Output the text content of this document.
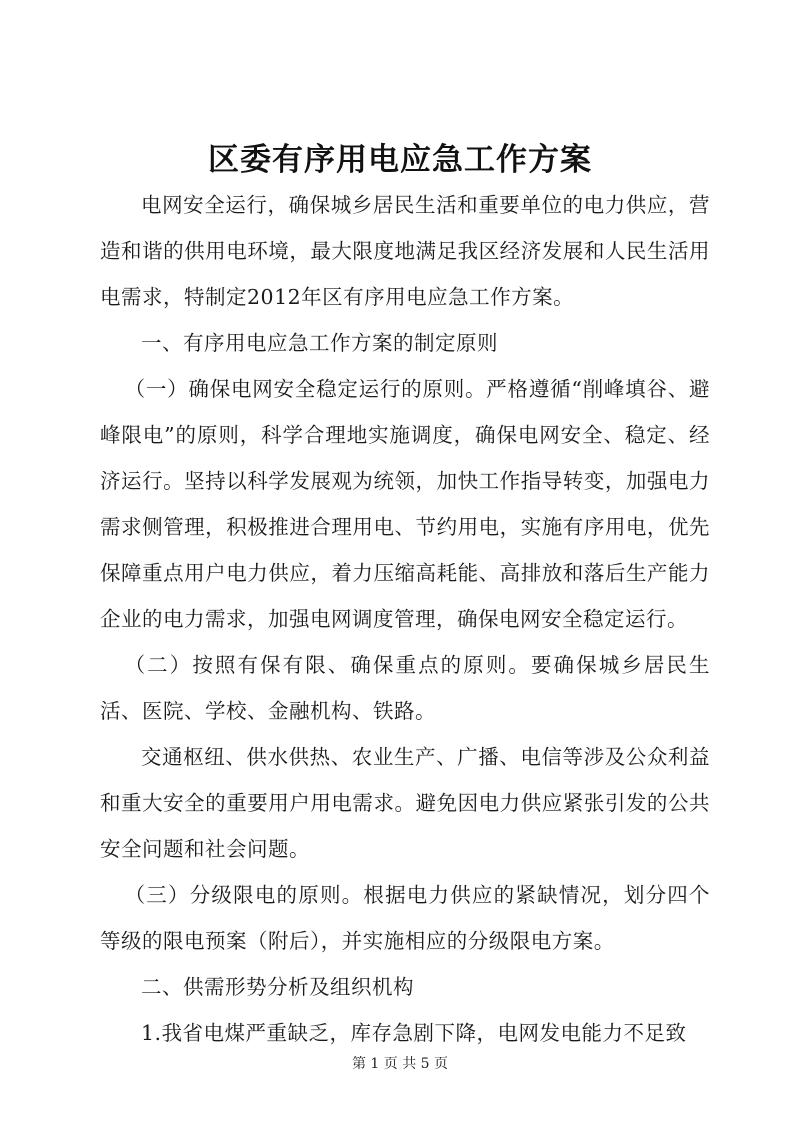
区委有序用电应急工作方案

电网安全运行，确保城乡居民生活和重要单位的电力供应，营造和谐的供用电环境，最大限度地满足我区经济发展和人民生活用电需求，特制定2012年区有序用电应急工作方案。

一、有序用电应急工作方案的制定原则

（一）确保电网安全稳定运行的原则。严格遵循“削峰填谷、避峰限电”的原则，科学合理地实施调度，确保电网安全、稳定、经济运行。坚持以科学发展观为统领，加快工作指导转变，加强电力需求侧管理，积极推进合理用电、节约用电，实施有序用电，优先保障重点用户电力供应，着力压缩高耗能、高排放和落后生产能力企业的电力需求，加强电网调度管理，确保电网安全稳定运行。

（二）按照有保有限、确保重点的原则。要确保城乡居民生活、医院、学校、金融机构、铁路。

交通枢纽、供水供热、农业生产、广播、电信等涉及公众利益和重大安全的重要用户用电需求。避免因电力供应紧张引发的公共安全问题和社会问题。

（三）分级限电的原则。根据电力供应的紧缺情况，划分四个等级的限电预案（附后），并实施相应的分级限电方案。

二、供需形势分析及组织机构

1.我省电煤严重缺乏，库存急剧下降，电网发电能力不足致

第 1 页 共 5 页
